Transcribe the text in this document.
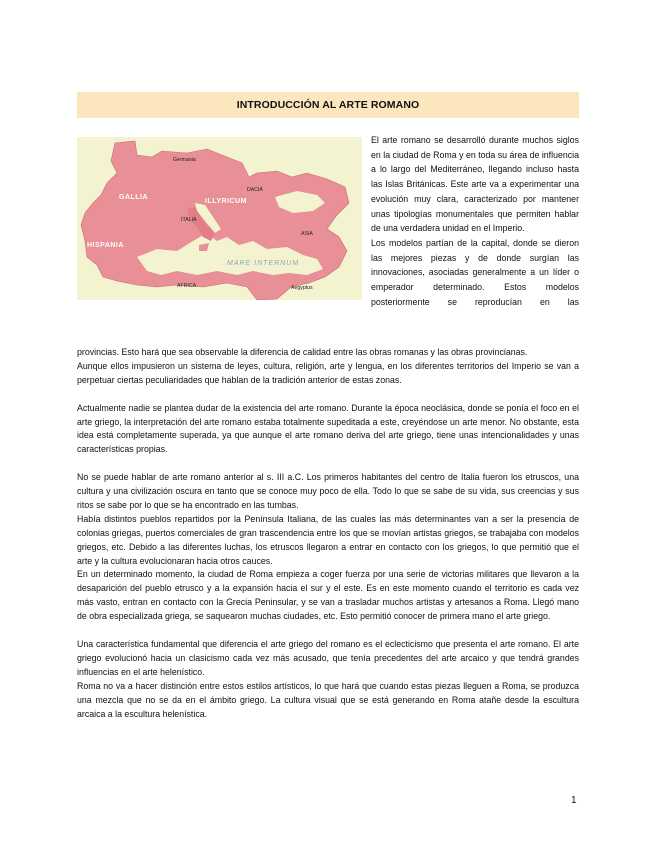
INTRODUCCIÓN AL ARTE ROMANO
Germania
GALLIA
HISPANIA
ILLYRICUM
ITALIA
DACIA
ASIA
AFRICA	Aegyptus
MARE INTERNUM

El arte romano se desarrolló durante muchos siglos en la ciudad de Roma y en toda su área de influencia a lo largo del Mediterráneo, llegando incluso hasta las Islas Británicas. Este arte va a experimentar una evolución muy clara, caracterizado por mantener unas tipologías monumentales que permiten hablar de una verdadera unidad en el Imperio.

Los modelos partían de la capital, donde se dieron las mejores piezas y de donde surgían las innovaciones, asociadas generalmente a un líder o emperador determinado. Estos modelos posteriormente se reproducían en las

provincias. Esto hará que sea observable la diferencia de calidad entre las obras romanas y las obras provincianas.

Aunque ellos impusieron un sistema de leyes, cultura, religión, arte y lengua, en los diferentes territorios del Imperio se van a perpetuar ciertas peculiaridades que hablan de la tradición anterior de estas zonas.

Actualmente nadie se plantea dudar de la existencia del arte romano. Durante la época neoclásica, donde se ponía el foco en el arte griego, la interpretación del arte romano estaba totalmente supeditada a este, creyéndose un arte menor. No obstante, esta idea está completamente superada, ya que aunque el arte romano deriva del arte griego, tiene unas intencionalidades y unas características propias.

No se puede hablar de arte romano anterior al s. III a.C. Los primeros habitantes del centro de Italia fueron los etruscos, una cultura y una civilización oscura en tanto que se conoce muy poco de ella. Todo lo que se sabe de su vida, sus creencias y sus ritos se sabe por lo que se ha encontrado en las tumbas.

Había distintos pueblos repartidos por la Península Italiana, de las cuales las más determinantes van a ser la presencia de colonias griegas, puertos comerciales de gran trascendencia entre los que se movían artistas griegos, se trabajaba con modelos griegos, etc. Debido a las diferentes luchas, los etruscos llegaron a entrar en contacto con los griegos, lo que permitió que el arte y la cultura evolucionaran hacia otros cauces.

En un determinado momento, la ciudad de Roma empieza a coger fuerza por una serie de victorias militares que llevaron a la desaparición del pueblo etrusco y a la expansión hacia el sur y el este. Es en este momento cuando el territorio es cada vez más vasto, entran en contacto con la Grecia Peninsular, y se van a trasladar muchos artistas y artesanos a Roma. Llegó mano de obra especializada griega, se saquearon muchas ciudades, etc. Esto permitió conocer de primera mano el arte griego.

Una característica fundamental que diferencia el arte griego del romano es el eclecticismo que presenta el arte romano. El arte griego evolucionó hacia un clasicismo cada vez más acusado, que tenía precedentes del arte arcaico y que tendrá grandes influencias en el arte helenístico.

Roma no va a hacer distinción entre estos estilos artísticos, lo que hará que cuando estas piezas lleguen a Roma, se produzca una mezcla que no se da en el ámbito griego. La cultura visual que se está generando en Roma atañe desde la escultura arcaica a la escultura helenística.

1
